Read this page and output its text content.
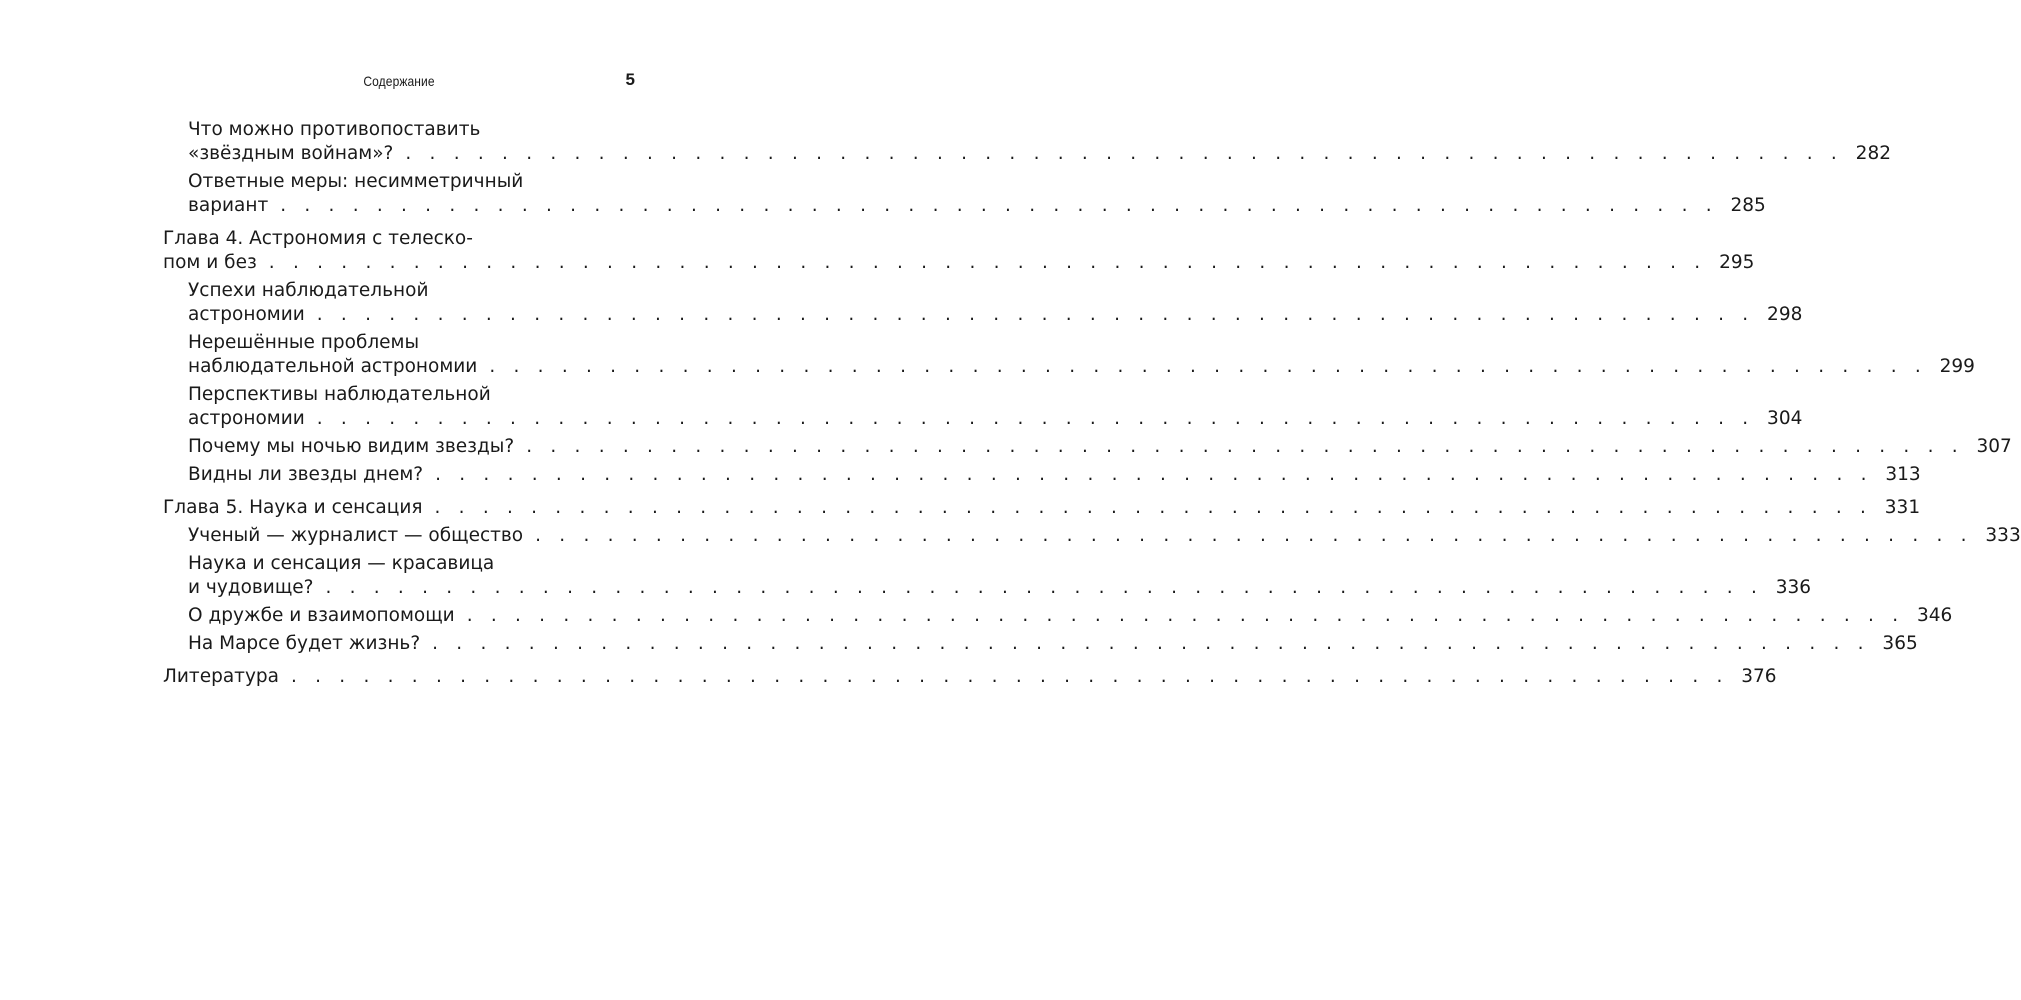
Содержание	5
Что можно противопоставить
«звёздным войнам»? . . . . . . . . . . . . . . . . . . . . . . . . . . . . . . . . . . . . . . . . . . . . . . . . . . . . . . . . . . . . 282
Ответные меры: несимметричный
вариант . . . . . . . . . . . . . . . . . . . . . . . . . . . . . . . . . . . . . . . . . . . . . . . . . . . . . . . . . . . . 285
Глава 4. Астрономия с телеско-
пом и без . . . . . . . . . . . . . . . . . . . . . . . . . . . . . . . . . . . . . . . . . . . . . . . . . . . . . . . . . . . . 295
Успехи наблюдательной
астрономии . . . . . . . . . . . . . . . . . . . . . . . . . . . . . . . . . . . . . . . . . . . . . . . . . . . . . . . . . . . . 298
Нерешённые проблемы
наблюдательной астрономии . . . . . . . . . . . . . . . . . . . . . . . . . . . . . . . . . . . . . . . . . . . . . . . . . . . . . . . . . . . . 299
Перспективы наблюдательной
астрономии . . . . . . . . . . . . . . . . . . . . . . . . . . . . . . . . . . . . . . . . . . . . . . . . . . . . . . . . . . . . 304
Почему мы ночью видим звезды? . . . . . . . . . . . . . . . . . . . . . . . . . . . . . . . . . . . . . . . . . . . . . . . . . . . . . . . . . . . . 307
Видны ли звезды днем? . . . . . . . . . . . . . . . . . . . . . . . . . . . . . . . . . . . . . . . . . . . . . . . . . . . . . . . . . . . . 313
Глава 5. Наука и сенсация . . . . . . . . . . . . . . . . . . . . . . . . . . . . . . . . . . . . . . . . . . . . . . . . . . . . . . . . . . . . 331
Ученый — журналист — общество . . . . . . . . . . . . . . . . . . . . . . . . . . . . . . . . . . . . . . . . . . . . . . . . . . . . . . . . . . . . 333
Наука и сенсация — красавица
и чудовище? . . . . . . . . . . . . . . . . . . . . . . . . . . . . . . . . . . . . . . . . . . . . . . . . . . . . . . . . . . . . 336
О дружбе и взаимопомощи . . . . . . . . . . . . . . . . . . . . . . . . . . . . . . . . . . . . . . . . . . . . . . . . . . . . . . . . . . . . 346
На Марсе будет жизнь? . . . . . . . . . . . . . . . . . . . . . . . . . . . . . . . . . . . . . . . . . . . . . . . . . . . . . . . . . . . . 365
Литература . . . . . . . . . . . . . . . . . . . . . . . . . . . . . . . . . . . . . . . . . . . . . . . . . . . . . . . . . . . . 376
